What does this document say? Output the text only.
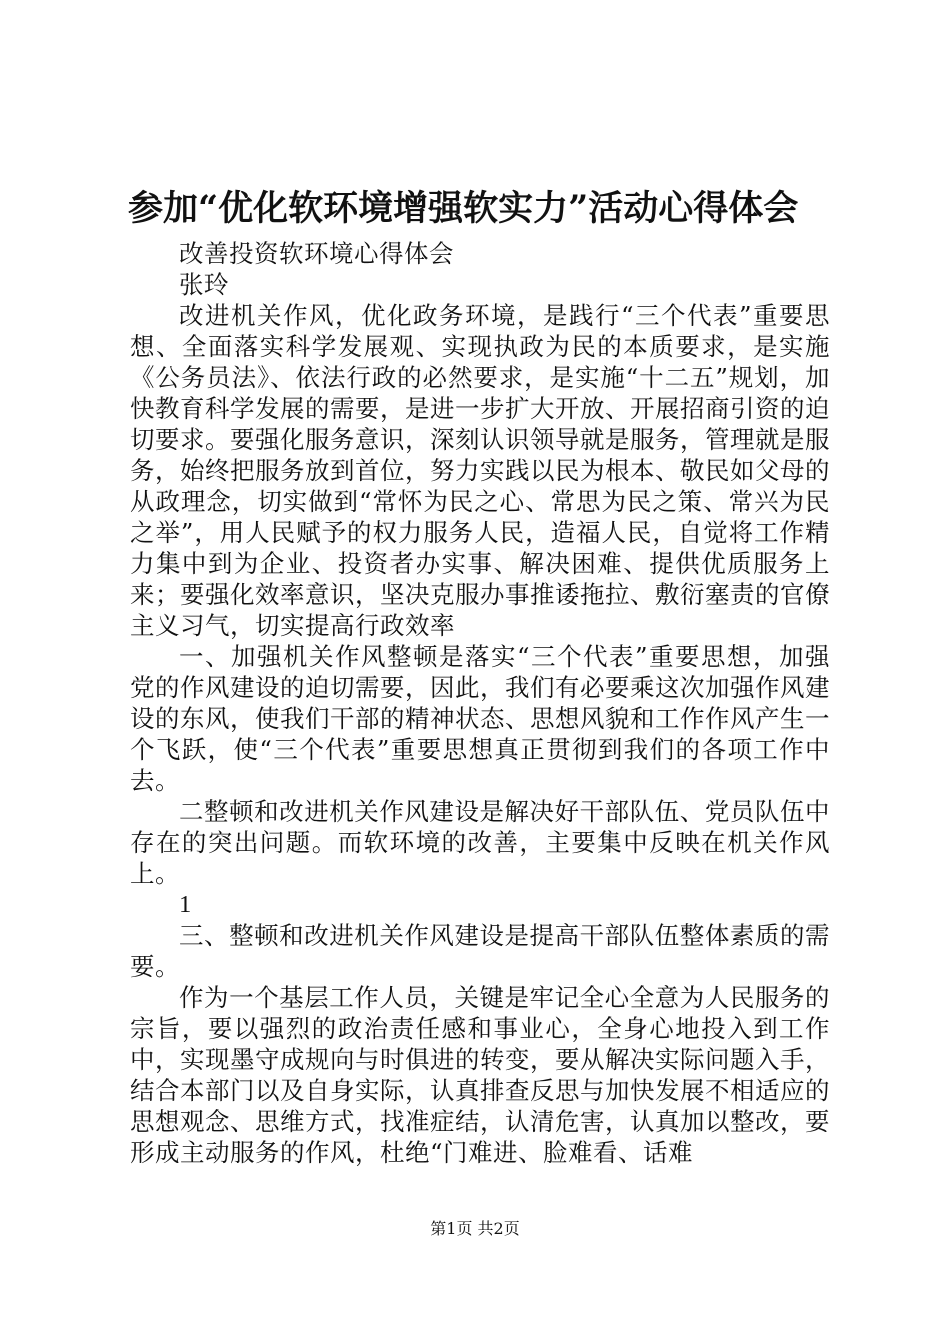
参加“优化软环境增强软实力”活动心得体会

改善投资软环境心得体会

张玲

改进机关作风，优化政务环境，是践行“三个代表”重要思想、全面落实科学发展观、实现执政为民的本质要求，是实施《公务员法》、依法行政的必然要求，是实施“十二五”规划，加快教育科学发展的需要，是进一步扩大开放、开展招商引资的迫切要求。要强化服务意识，深刻认识领导就是服务，管理就是服务，始终把服务放到首位，努力实践以民为根本、敬民如父母的从政理念，切实做到“常怀为民之心、常思为民之策、常兴为民之举”，用人民赋予的权力服务人民，造福人民，自觉将工作精力集中到为企业、投资者办实事、解决困难、提供优质服务上来；要强化效率意识，坚决克服办事推诿拖拉、敷衍塞责的官僚主义习气，切实提高行政效率

一、加强机关作风整顿是落实“三个代表”重要思想，加强党的作风建设的迫切需要，因此，我们有必要乘这次加强作风建设的东风，使我们干部的精神状态、思想风貌和工作作风产生一个飞跃，使“三个代表”重要思想真正贯彻到我们的各项工作中去。

二整顿和改进机关作风建设是解决好干部队伍、党员队伍中存在的突出问题。而软环境的改善，主要集中反映在机关作风上。

1

三、整顿和改进机关作风建设是提高干部队伍整体素质的需要。

作为一个基层工作人员，关键是牢记全心全意为人民服务的宗旨，要以强烈的政治责任感和事业心，全身心地投入到工作中，实现墨守成规向与时俱进的转变，要从解决实际问题入手，结合本部门以及自身实际，认真排查反思与加快发展不相适应的思想观念、思维方式，找准症结，认清危害，认真加以整改，要形成主动服务的作风，杜绝“门难进、脸难看、话难

第1页 共2页
